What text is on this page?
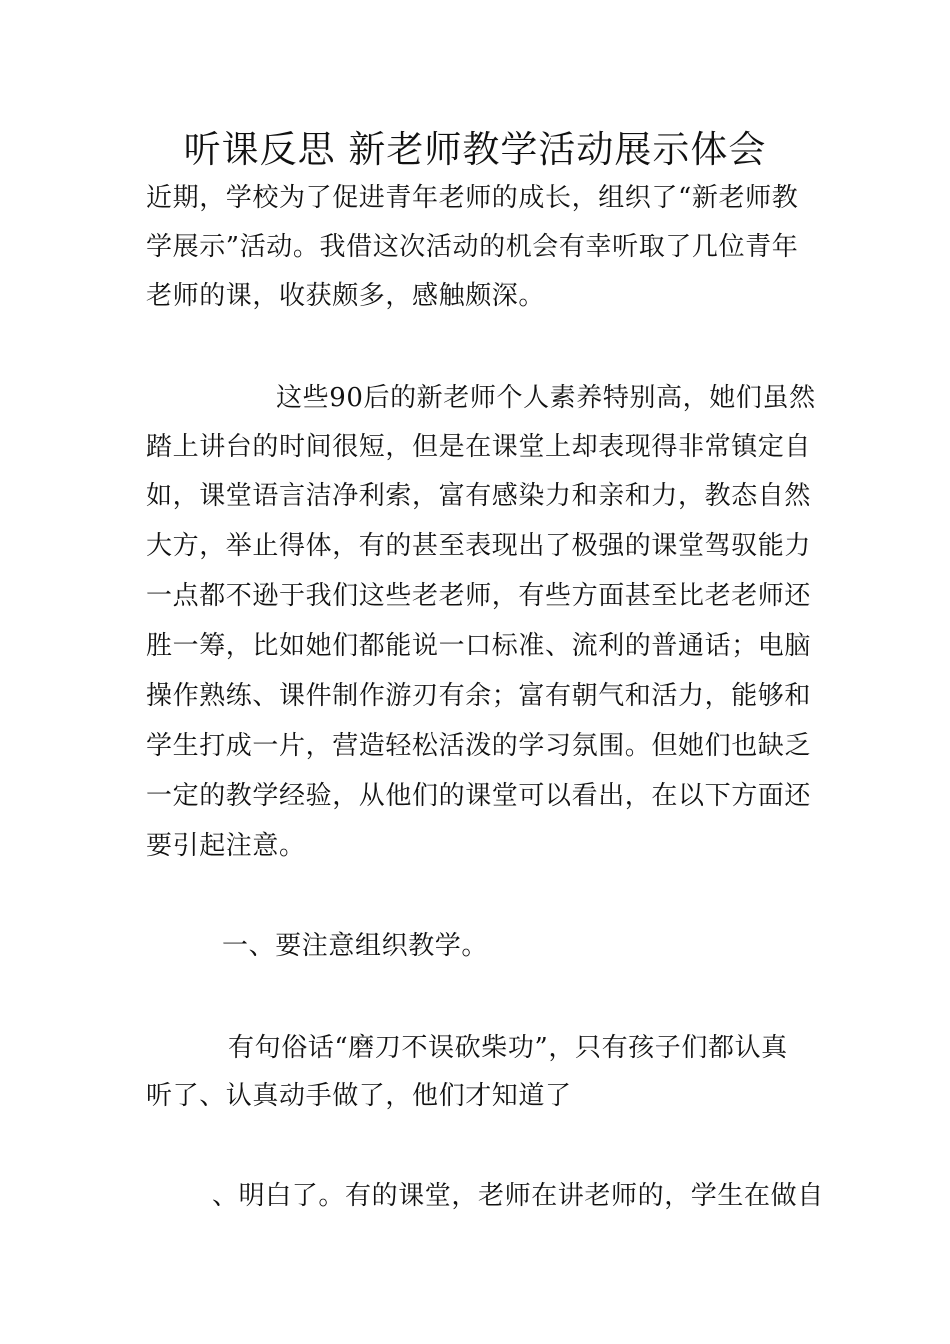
听课反思 新老师教学活动展示体会
近期，学校为了促进青年老师的成长，组织了“新老师教
学展示”活动。我借这次活动的机会有幸听取了几位青年
老师的课，收获颇多，感触颇深。
这些90后的新老师个人素养特别高，她们虽然
踏上讲台的时间很短，但是在课堂上却表现得非常镇定自
如，课堂语言洁净利索，富有感染力和亲和力，教态自然
大方，举止得体，有的甚至表现出了极强的课堂驾驭能力
一点都不逊于我们这些老老师，有些方面甚至比老老师还
胜一筹，比如她们都能说一口标准、流利的普通话；电脑
操作熟练、课件制作游刃有余；富有朝气和活力，能够和
学生打成一片，营造轻松活泼的学习氛围。但她们也缺乏
一定的教学经验，从他们的课堂可以看出，在以下方面还
要引起注意。
一、要注意组织教学。
有句俗话“磨刀不误砍柴功”，只有孩子们都认真
听了、认真动手做了，他们才知道了
、明白了。有的课堂，老师在讲老师的，学生在做自
